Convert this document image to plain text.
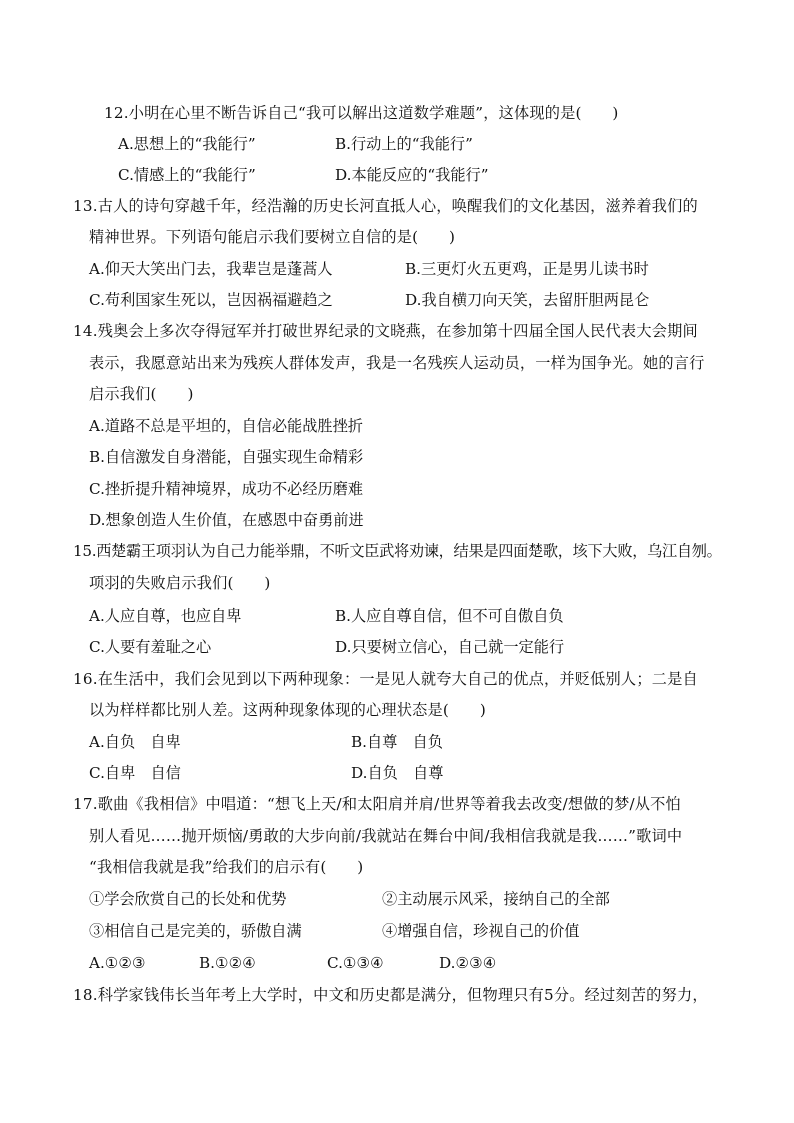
12.小明在心里不断告诉自己“我可以解出这道数学难题”，这体现的是(　　)
A.思想上的“我能行”	B.行动上的“我能行”
C.情感上的“我能行”	D.本能反应的“我能行”
13.古人的诗句穿越千年，经浩瀚的历史长河直抵人心，唤醒我们的文化基因，滋养着我们的
精神世界。下列语句能启示我们要树立自信的是(　　)
A.仰天大笑出门去，我辈岂是蓬蒿人	B.三更灯火五更鸡，正是男儿读书时
C.苟利国家生死以，岂因祸福避趋之	D.我自横刀向天笑，去留肝胆两昆仑
14.残奥会上多次夺得冠军并打破世界纪录的文晓燕，在参加第十四届全国人民代表大会期间
表示，我愿意站出来为残疾人群体发声，我是一名残疾人运动员，一样为国争光。她的言行
启示我们(　　)
A.道路不总是平坦的，自信必能战胜挫折
B.自信激发自身潜能，自强实现生命精彩
C.挫折提升精神境界，成功不必经历磨难
D.想象创造人生价值，在感恩中奋勇前进
15.西楚霸王项羽认为自己力能举鼎，不听文臣武将劝谏，结果是四面楚歌，垓下大败，乌江自刎。
项羽的失败启示我们(　　)
A.人应自尊，也应自卑	B.人应自尊自信，但不可自傲自负
C.人要有羞耻之心	D.只要树立信心，自己就一定能行
16.在生活中，我们会见到以下两种现象：一是见人就夸大自己的优点，并贬低别人；二是自
以为样样都比别人差。这两种现象体现的心理状态是(　　)
A.自负　自卑	B.自尊　自负
C.自卑　自信	D.自负　自尊
17.歌曲《我相信》中唱道：“想飞上天/和太阳肩并肩/世界等着我去改变/想做的梦/从不怕
别人看见……抛开烦恼/勇敢的大步向前/我就站在舞台中间/我相信我就是我……”歌词中
“我相信我就是我”给我们的启示有(　　)
①学会欣赏自己的长处和优势	②主动展示风采，接纳自己的全部
③相信自己是完美的，骄傲自满	④增强自信，珍视自己的价值
A.①②③	B.①②④	C.①③④	D.②③④
18.科学家钱伟长当年考上大学时，中文和历史都是满分，但物理只有5分。经过刻苦的努力，
